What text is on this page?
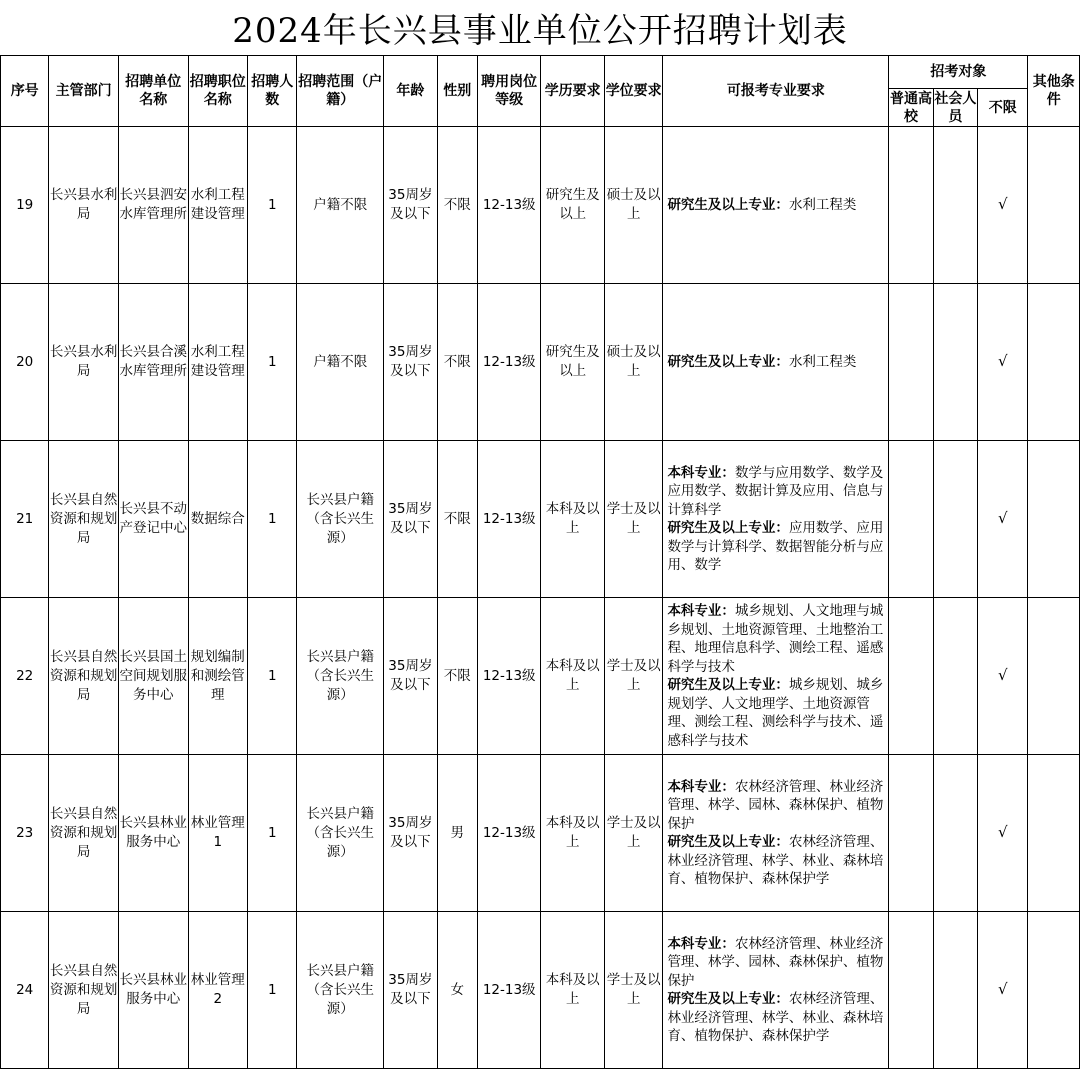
2024年长兴县事业单位公开招聘计划表
序号	主管部门	招聘单位名称	招聘职位名称	招聘人数	招聘范围（户籍）	年龄	性别	聘用岗位等级	学历要求	学位要求	可报考专业要求	招考对象			其他条件
												普通高校	社会人员	不限	
19	长兴县水利局	长兴县泗安水库管理所	水利工程建设管理	1	户籍不限	35周岁及以下	不限	12-13级	研究生及以上	硕士及以上	研究生及以上专业：水利工程类			√	
20	长兴县水利局	长兴县合溪水库管理所	水利工程建设管理	1	户籍不限	35周岁及以下	不限	12-13级	研究生及以上	硕士及以上	研究生及以上专业：水利工程类			√	
21	长兴县自然资源和规划局	长兴县不动产登记中心	数据综合	1	长兴县户籍（含长兴生源）	35周岁及以下	不限	12-13级	本科及以上	学士及以上	本科专业：数学与应用数学、数学及应用数学、数据计算及应用、信息与计算科学
研究生及以上专业：应用数学、应用数学与计算科学、数据智能分析与应用、数学			√	
22	长兴县自然资源和规划局	长兴县国土空间规划服务中心	规划编制和测绘管理	1	长兴县户籍（含长兴生源）	35周岁及以下	不限	12-13级	本科及以上	学士及以上	本科专业：城乡规划、人文地理与城乡规划、土地资源管理、土地整治工程、地理信息科学、测绘工程、遥感科学与技术
研究生及以上专业：城乡规划、城乡规划学、人文地理学、土地资源管理、测绘工程、测绘科学与技术、遥感科学与技术			√	
23	长兴县自然资源和规划局	长兴县林业服务中心	林业管理1	1	长兴县户籍（含长兴生源）	35周岁及以下	男	12-13级	本科及以上	学士及以上	本科专业：农林经济管理、林业经济管理、林学、园林、森林保护、植物保护
研究生及以上专业：农林经济管理、林业经济管理、林学、林业、森林培育、植物保护、森林保护学			√	
24	长兴县自然资源和规划局	长兴县林业服务中心	林业管理2	1	长兴县户籍（含长兴生源）	35周岁及以下	女	12-13级	本科及以上	学士及以上	本科专业：农林经济管理、林业经济管理、林学、园林、森林保护、植物保护
研究生及以上专业：农林经济管理、林业经济管理、林学、林业、森林培育、植物保护、森林保护学			√	
